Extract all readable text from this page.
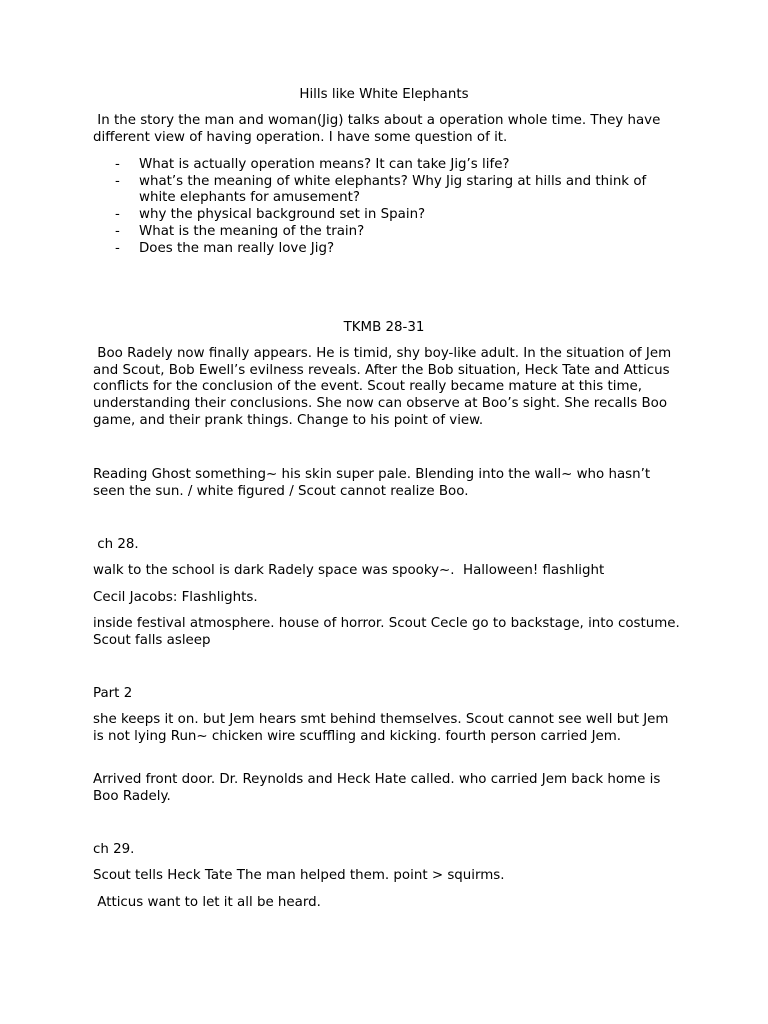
Hills like White Elephants
In the story the man and woman(Jig) talks about a operation whole time. They have different view of having operation. I have some question of it.
- What is actually operation means? It can take Jig’s life?
- what’s the meaning of white elephants? Why Jig staring at hills and think of white elephants for amusement?
- why the physical background set in Spain?
- What is the meaning of the train?
- Does the man really love Jig?
TKMB 28-31
Boo Radely now finally appears. He is timid, shy boy-like adult. In the situation of Jem and Scout, Bob Ewell’s evilness reveals. After the Bob situation, Heck Tate and Atticus conflicts for the conclusion of the event. Scout really became mature at this time, understanding their conclusions. She now can observe at Boo’s sight. She recalls Boo game, and their prank things. Change to his point of view.
Reading Ghost something~ his skin super pale. Blending into the wall~ who hasn’t seen the sun. / white figured / Scout cannot realize Boo.
ch 28.
walk to the school is dark Radely space was spooky~.  Halloween! flashlight
Cecil Jacobs: Flashlights.
inside festival atmosphere. house of horror. Scout Cecle go to backstage, into costume. Scout falls asleep
Part 2
she keeps it on. but Jem hears smt behind themselves. Scout cannot see well but Jem is not lying Run~ chicken wire scuffling and kicking. fourth person carried Jem.
Arrived front door. Dr. Reynolds and Heck Hate called. who carried Jem back home is Boo Radely.
ch 29.
Scout tells Heck Tate The man helped them. point > squirms.
Atticus want to let it all be heard.
